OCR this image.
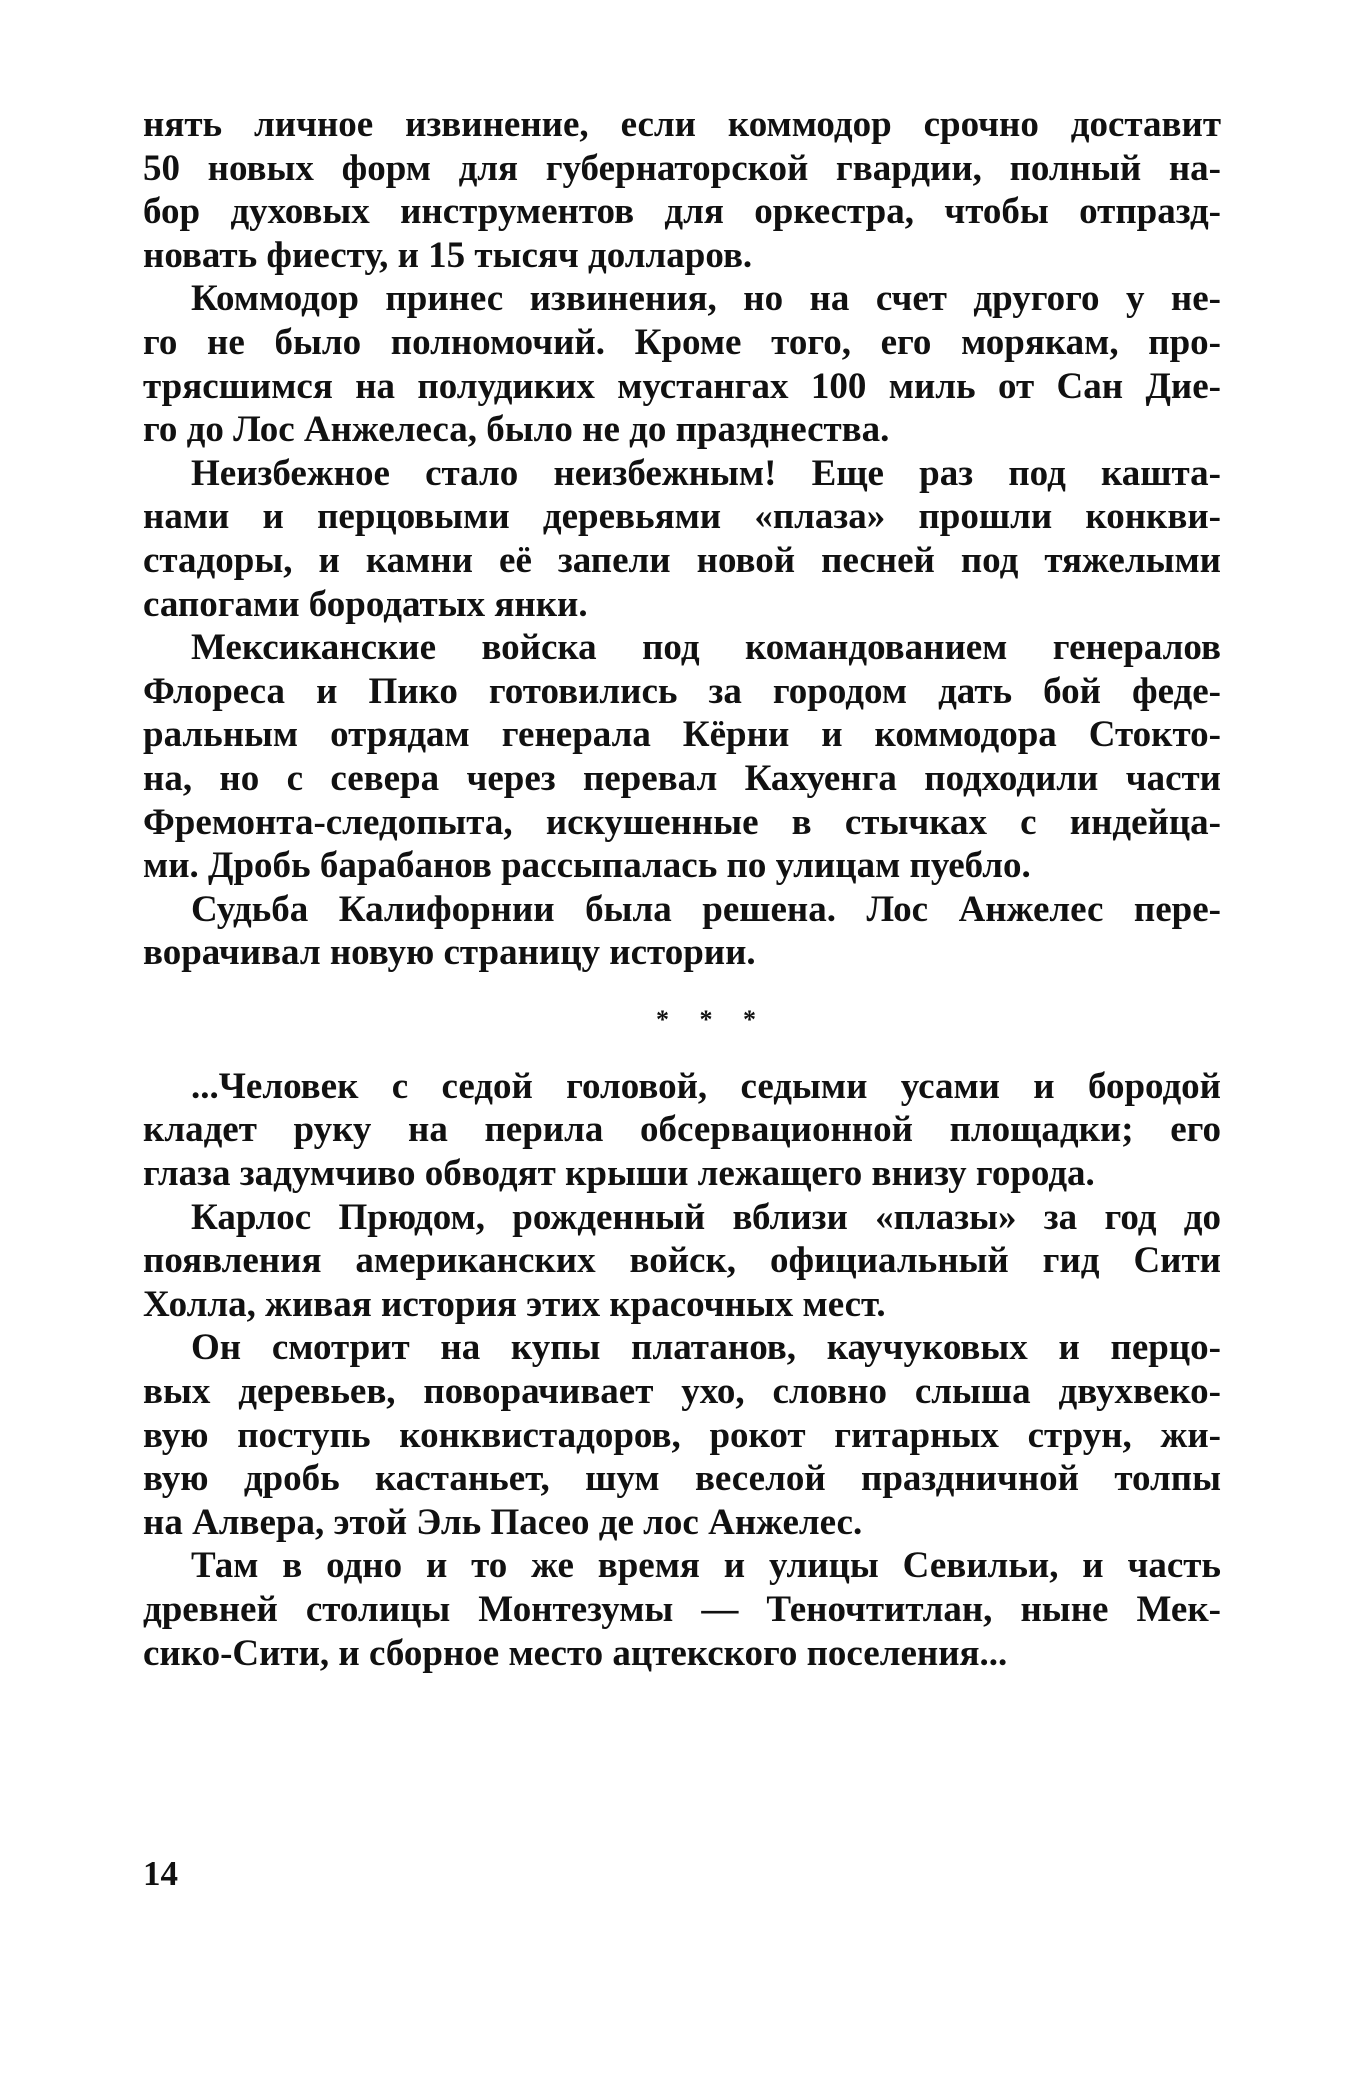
нять личное извинение, если коммодор срочно доставит
50 новых форм для губернаторской гвардии, полный на-
бор духовых инструментов для оркестра, чтобы отпразд-
новать фиесту, и 15 тысяч долларов.
Коммодор принес извинения, но на счет другого у не-
го не было полномочий. Кроме того, его морякам, про-
трясшимся на полудиких мустангах 100 миль от Сан Дие-
го до Лос Анжелеса, было не до празднества.
Неизбежное стало неизбежным! Еще раз под кашта-
нами и перцовыми деревьями «плаза» прошли конкви-
стадоры, и камни её запели новой песней под тяжелыми
сапогами бородатых янки.
Мексиканские войска под командованием генералов
Флореса и Пико готовились за городом дать бой феде-
ральным отрядам генерала Кёрни и коммодора Стокто-
на, но с севера через перевал Кахуенга подходили части
Фремонта-следопыта, искушенные в стычках с индейца-
ми. Дробь барабанов рассыпалась по улицам пуебло.
Судьба Калифорнии была решена. Лос Анжелес пере-
ворачивал новую страницу истории.
* * *
...Человек с седой головой, седыми усами и бородой
кладет руку на перила обсервационной площадки; его
глаза задумчиво обводят крыши лежащего внизу города.
Карлос Прюдом, рожденный вблизи «плазы» за год до
появления американских войск, официальный гид Сити
Холла, живая история этих красочных мест.
Он смотрит на купы платанов, каучуковых и перцо-
вых деревьев, поворачивает ухо, словно слыша двухвеко-
вую поступь конквистадоров, рокот гитарных струн, жи-
вую дробь кастаньет, шум веселой праздничной толпы
на Алвера, этой Эль Пасео де лос Анжелес.
Там в одно и то же время и улицы Севильи, и часть
древней столицы Монтезумы — Теночтитлан, ныне Мек-
сико-Сити, и сборное место ацтекского поселения...
14
